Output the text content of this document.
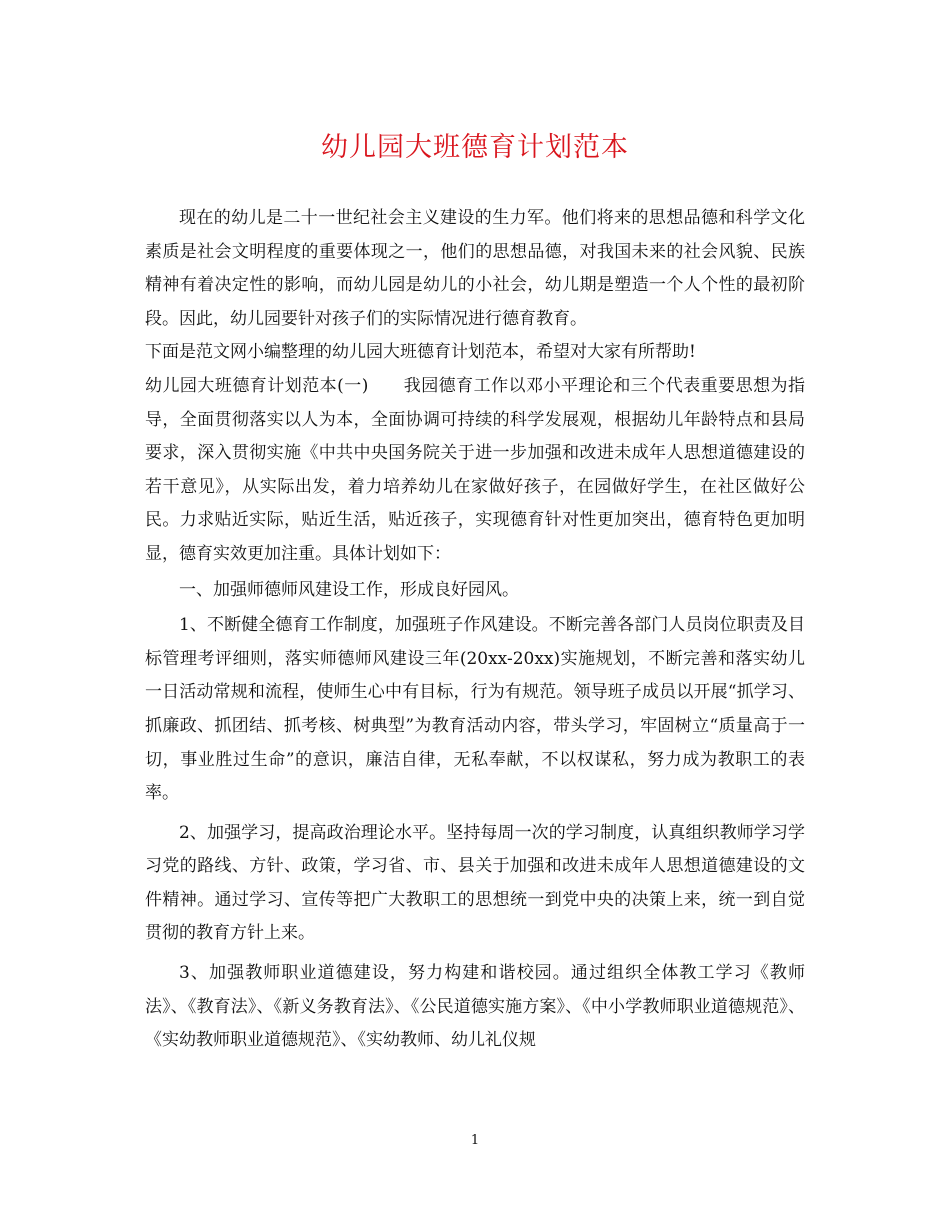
幼儿园大班德育计划范本

现在的幼儿是二十一世纪社会主义建设的生力军。他们将来的思想品德和科学文化素质是社会文明程度的重要体现之一，他们的思想品德，对我国未来的社会风貌、民族精神有着决定性的影响，而幼儿园是幼儿的小社会，幼儿期是塑造一个人个性的最初阶段。因此，幼儿园要针对孩子们的实际情况进行德育教育。

下面是范文网小编整理的幼儿园大班德育计划范本，希望对大家有所帮助!

幼儿园大班德育计划范本(一)　　我园德育工作以邓小平理论和三个代表重要思想为指导，全面贯彻落实以人为本，全面协调可持续的科学发展观，根据幼儿年龄特点和县局要求，深入贯彻实施《中共中央国务院关于进一步加强和改进未成年人思想道德建设的若干意见》，从实际出发，着力培养幼儿在家做好孩子，在园做好学生，在社区做好公民。力求贴近实际，贴近生活，贴近孩子，实现德育针对性更加突出，德育特色更加明显，德育实效更加注重。具体计划如下：

一、加强师德师风建设工作，形成良好园风。

1、不断健全德育工作制度，加强班子作风建设。不断完善各部门人员岗位职责及目标管理考评细则，落实师德师风建设三年(20xx-20xx)实施规划，不断完善和落实幼儿一日活动常规和流程，使师生心中有目标，行为有规范。领导班子成员以开展“抓学习、抓廉政、抓团结、抓考核、树典型”为教育活动内容，带头学习，牢固树立“质量高于一切，事业胜过生命”的意识，廉洁自律，无私奉献，不以权谋私，努力成为教职工的表率。

2、加强学习，提高政治理论水平。坚持每周一次的学习制度，认真组织教师学习学习党的路线、方针、政策，学习省、市、县关于加强和改进未成年人思想道德建设的文件精神。通过学习、宣传等把广大教职工的思想统一到党中央的决策上来，统一到自觉贯彻的教育方针上来。

3、加强教师职业道德建设，努力构建和谐校园。通过组织全体教工学习《教师法》、《教育法》、《新义务教育法》、《公民道德实施方案》、《中小学教师职业道德规范》、《实幼教师职业道德规范》、《实幼教师、幼儿礼仪规

1
